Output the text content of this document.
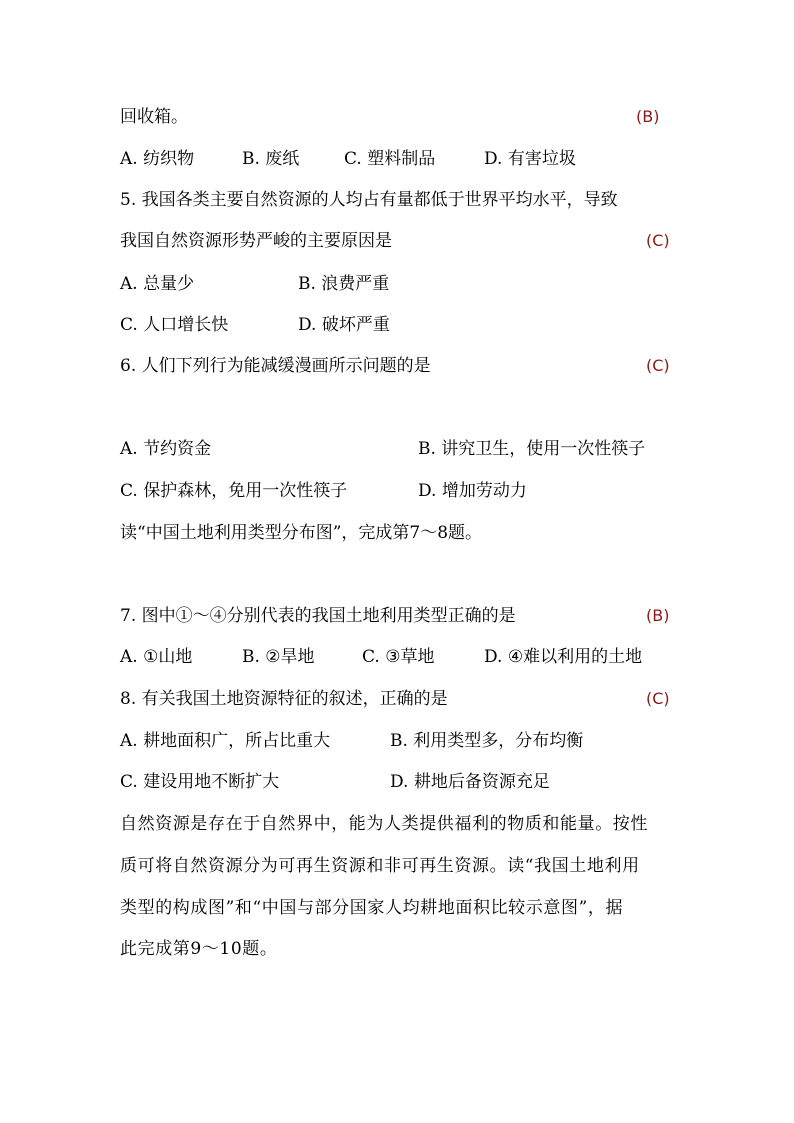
回收箱。	(B)
A. 纺织物	B. 废纸	C. 塑料制品	D. 有害垃圾
5. 我国各类主要自然资源的人均占有量都低于世界平均水平，导致
我国自然资源形势严峻的主要原因是	(C)
A. 总量少	B. 浪费严重
C. 人口增长快	D. 破坏严重
6. 人们下列行为能减缓漫画所示问题的是	(C)
A. 节约资金	B. 讲究卫生，使用一次性筷子
C. 保护森林，免用一次性筷子	D. 增加劳动力
读“中国土地利用类型分布图”，完成第7～8题。
7. 图中①～④分别代表的我国土地利用类型正确的是	(B)
A. ①山地	B. ②旱地	C. ③草地	D. ④难以利用的土地
8. 有关我国土地资源特征的叙述，正确的是	(C)
A. 耕地面积广，所占比重大	B. 利用类型多，分布均衡
C. 建设用地不断扩大	D. 耕地后备资源充足
自然资源是存在于自然界中，能为人类提供福利的物质和能量。按性
质可将自然资源分为可再生资源和非可再生资源。读“我国土地利用
类型的构成图”和“中国与部分国家人均耕地面积比较示意图”，据
此完成第9～10题。
